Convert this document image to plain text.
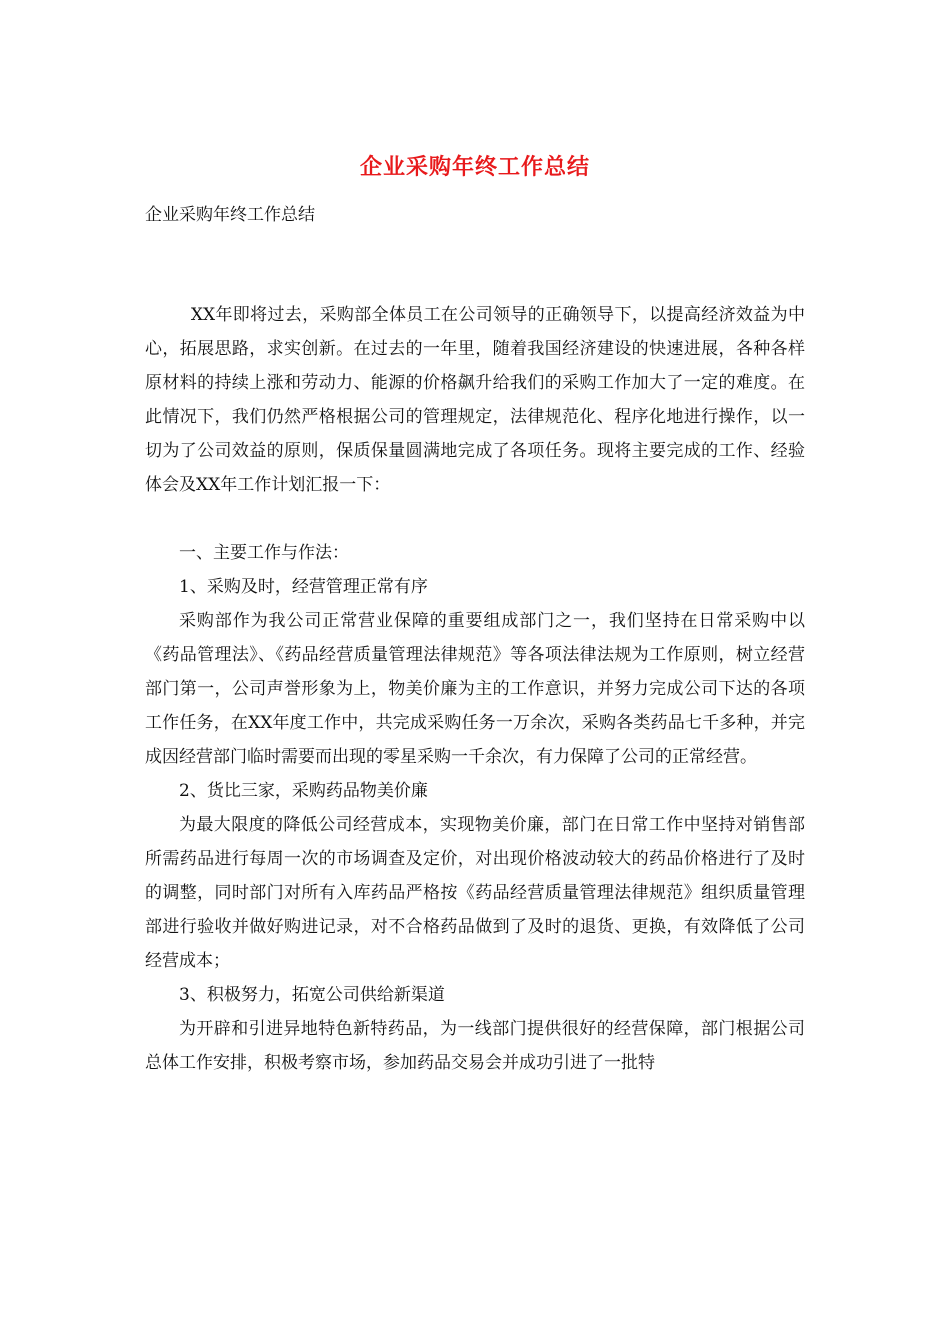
企业采购年终工作总结
企业采购年终工作总结

XX年即将过去，采购部全体员工在公司领导的正确领导下，以提高经济效益为中心，拓展思路，求实创新。在过去的一年里，随着我国经济建设的快速进展，各种各样原材料的持续上涨和劳动力、能源的价格飙升给我们的采购工作加大了一定的难度。在此情况下，我们仍然严格根据公司的管理规定，法律规范化、程序化地进行操作，以一切为了公司效益的原则，保质保量圆满地完成了各项任务。现将主要完成的工作、经验体会及XX年工作计划汇报一下：

一、主要工作与作法：

1、采购及时，经营管理正常有序

采购部作为我公司正常营业保障的重要组成部门之一，我们坚持在日常采购中以《药品管理法》、《药品经营质量管理法律规范》等各项法律法规为工作原则，树立经营部门第一，公司声誉形象为上，物美价廉为主的工作意识，并努力完成公司下达的各项工作任务，在XX年度工作中，共完成采购任务一万余次，采购各类药品七千多种，并完成因经营部门临时需要而出现的零星采购一千余次，有力保障了公司的正常经营。

2、货比三家，采购药品物美价廉

为最大限度的降低公司经营成本，实现物美价廉，部门在日常工作中坚持对销售部所需药品进行每周一次的市场调查及定价，对出现价格波动较大的药品价格进行了及时的调整，同时部门对所有入库药品严格按《药品经营质量管理法律规范》组织质量管理部进行验收并做好购进记录，对不合格药品做到了及时的退货、更换，有效降低了公司经营成本；

3、积极努力，拓宽公司供给新渠道

为开辟和引进异地特色新特药品，为一线部门提供很好的经营保障，部门根据公司总体工作安排，积极考察市场，参加药品交易会并成功引进了一批特
